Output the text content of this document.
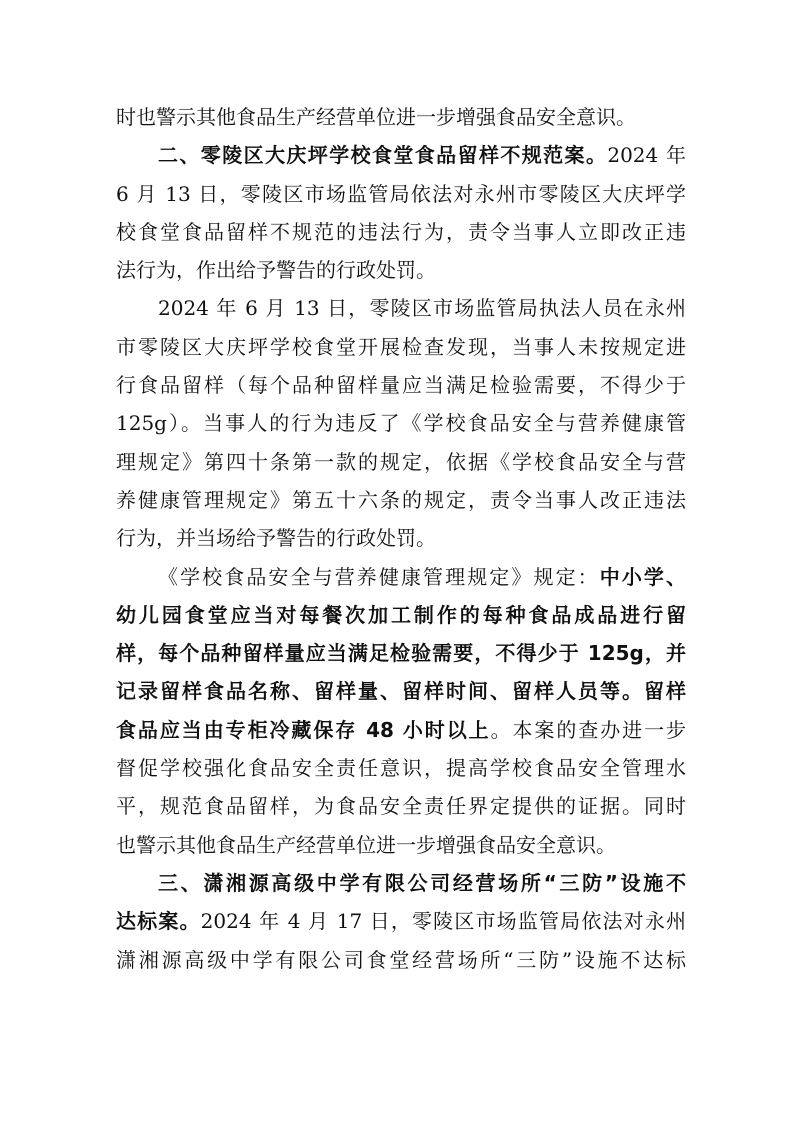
时也警示其他食品生产经营单位进一步增强食品安全意识。
二、零陵区大庆坪学校食堂食品留样不规范案。2024 年
6 月 13 日，零陵区市场监管局依法对永州市零陵区大庆坪学
校食堂食品留样不规范的违法行为，责令当事人立即改正违
法行为，作出给予警告的行政处罚。
2024 年 6 月 13 日，零陵区市场监管局执法人员在永州
市零陵区大庆坪学校食堂开展检查发现，当事人未按规定进
行食品留样（每个品种留样量应当满足检验需要，不得少于
125g）。当事人的行为违反了《学校食品安全与营养健康管
理规定》第四十条第一款的规定，依据《学校食品安全与营
养健康管理规定》第五十六条的规定，责令当事人改正违法
行为，并当场给予警告的行政处罚。
《学校食品安全与营养健康管理规定》规定：中小学、
幼儿园食堂应当对每餐次加工制作的每种食品成品进行留
样，每个品种留样量应当满足检验需要，不得少于 125g，并
记录留样食品名称、留样量、留样时间、留样人员等。留样
食品应当由专柜冷藏保存 48 小时以上。本案的查办进一步
督促学校强化食品安全责任意识，提高学校食品安全管理水
平，规范食品留样，为食品安全责任界定提供的证据。同时
也警示其他食品生产经营单位进一步增强食品安全意识。
三、潇湘源高级中学有限公司经营场所“三防”设施不
达标案。2024 年 4 月 17 日，零陵区市场监管局依法对永州
潇湘源高级中学有限公司食堂经营场所“三防”设施不达标
